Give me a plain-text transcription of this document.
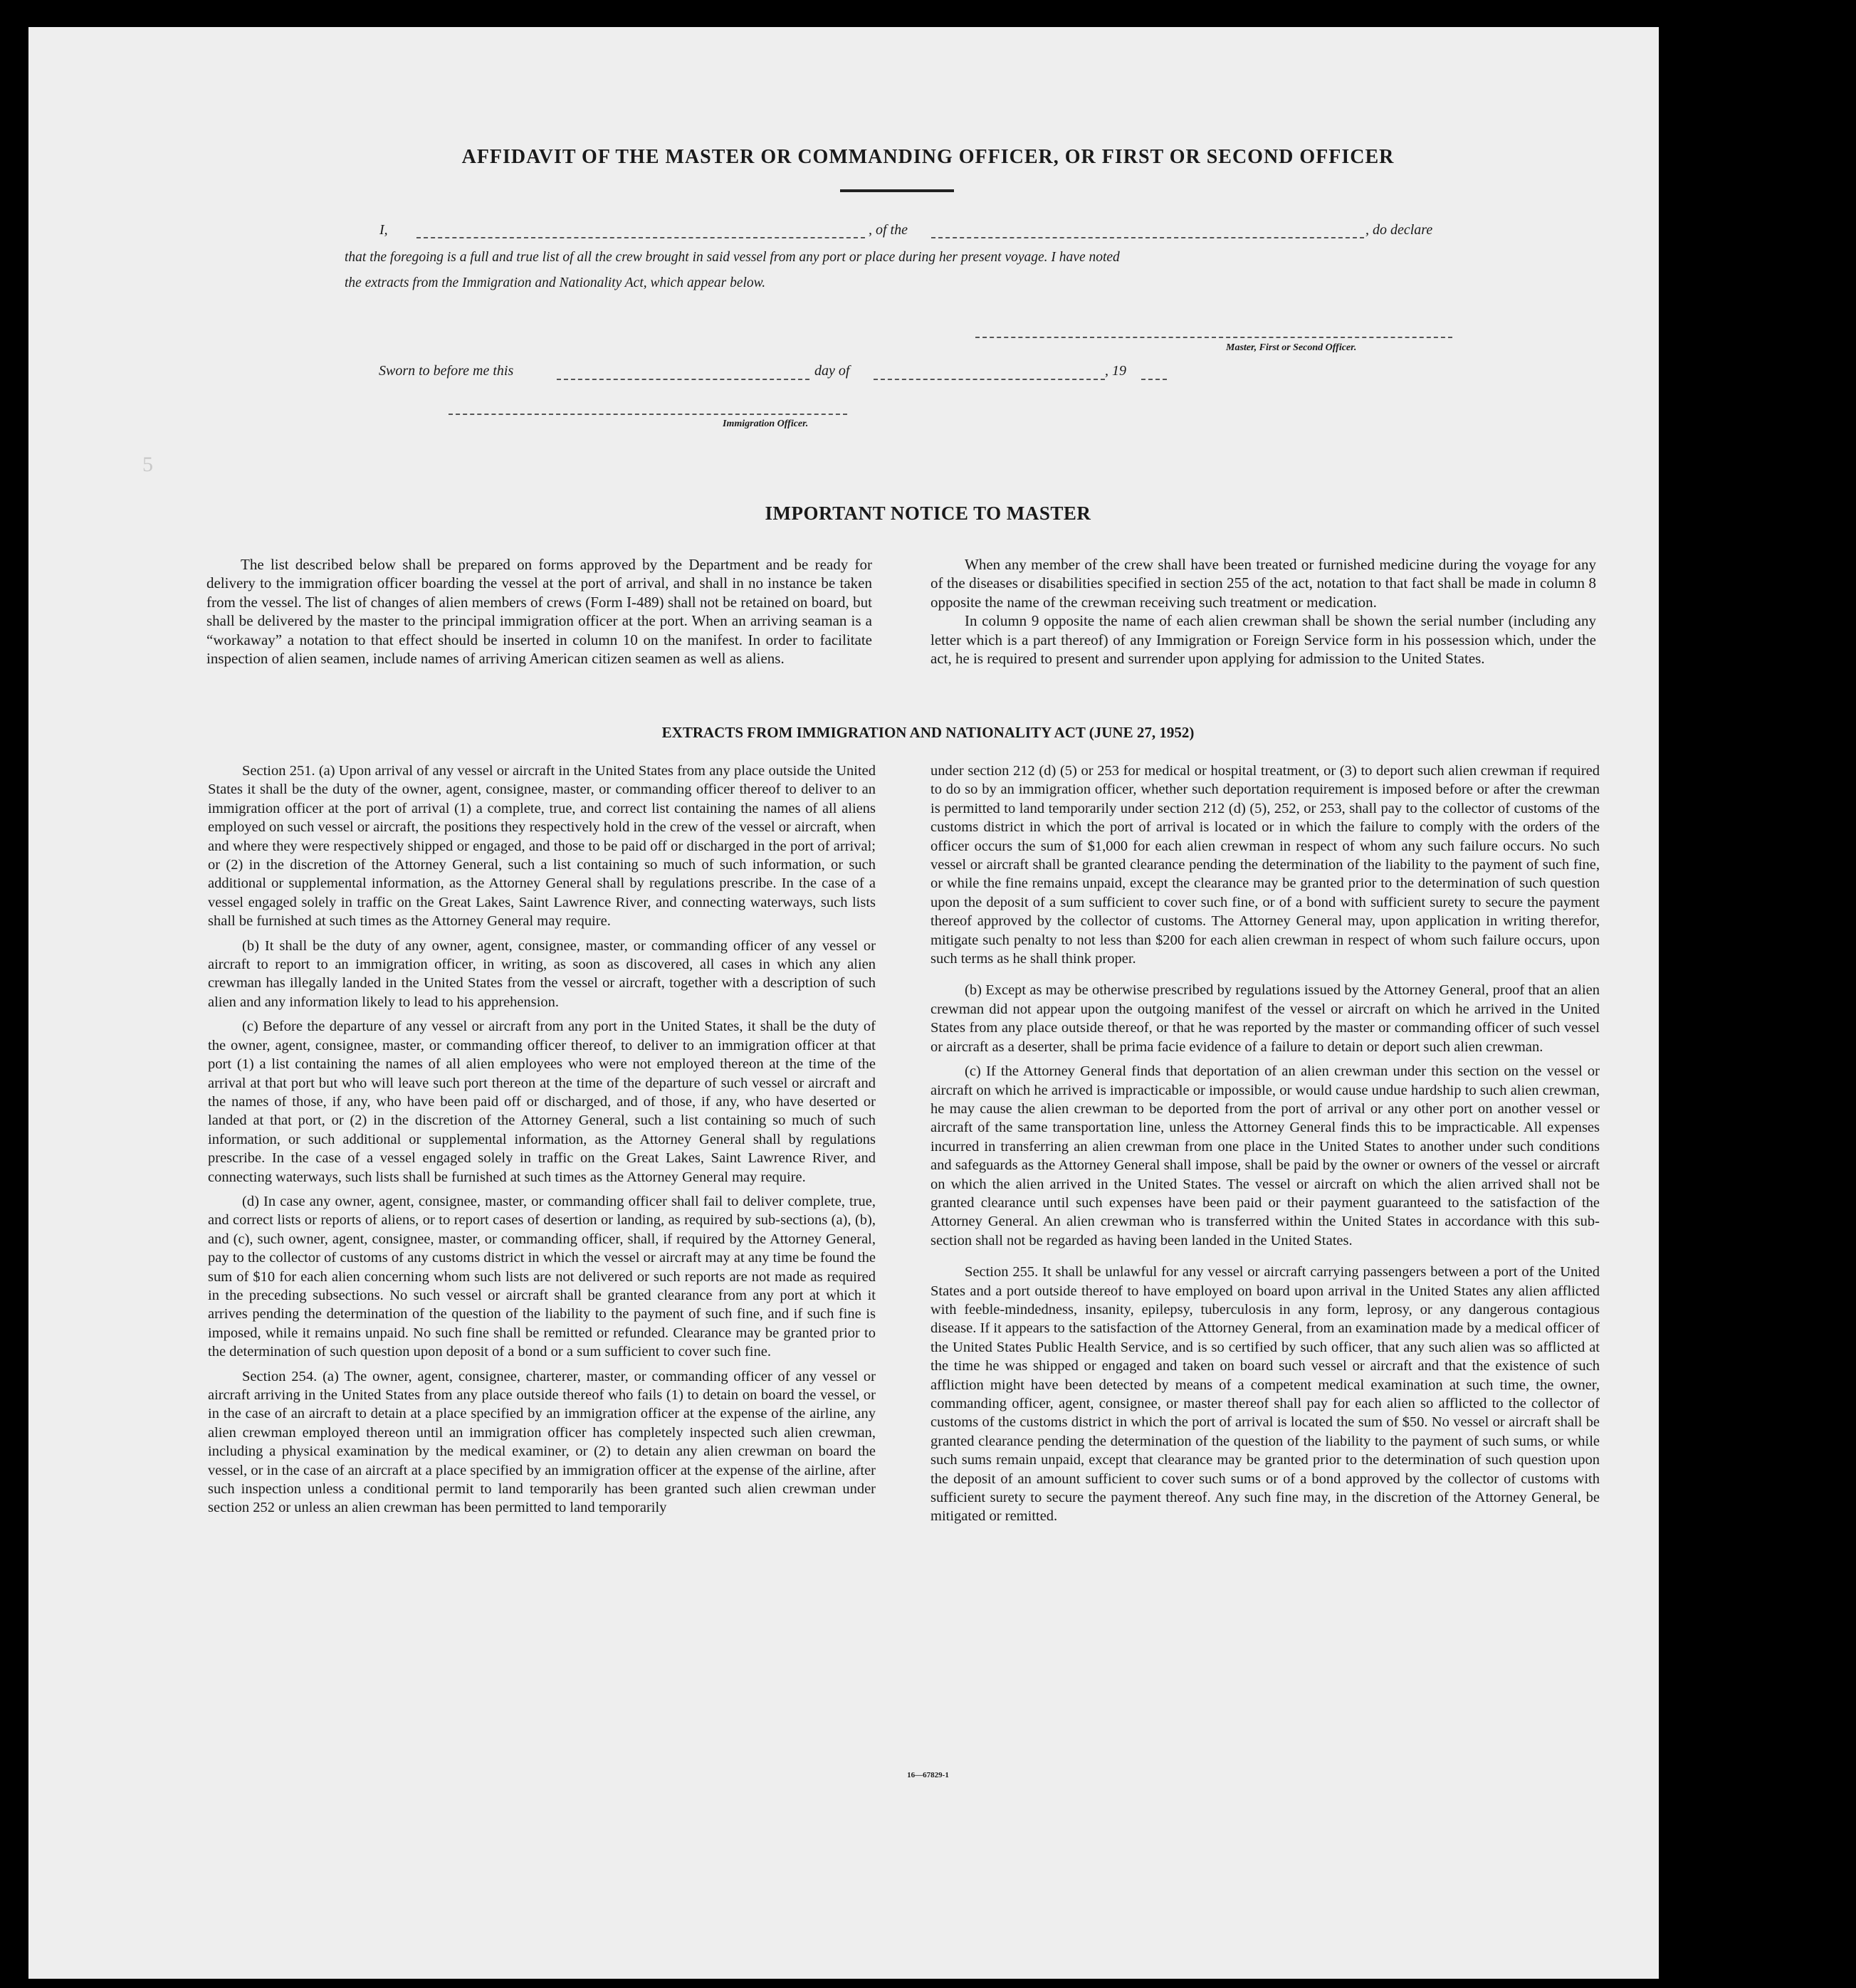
5
AFFIDAVIT OF THE MASTER OR COMMANDING OFFICER, OR FIRST OR SECOND OFFICER
I,	, of the	, do declare
that the foregoing is a full and true list of all the crew brought in said vessel from any port or place during her present voyage. I have noted
the extracts from the Immigration and Nationality Act, which appear below.
Master, First or Second Officer.
Sworn to before me this	day of	, 19
Immigration Officer.
IMPORTANT NOTICE TO MASTER

The list described below shall be prepared on forms approved by the Department and be ready for delivery to the immigration officer boarding the vessel at the port of arrival, and shall in no instance be taken from the vessel. The list of changes of alien members of crews (Form I-489) shall not be retained on board, but shall be delivered by the master to the principal immigration officer at the port. When an arriving seaman is a “workaway” a notation to that effect should be inserted in column 10 on the manifest. In order to facilitate inspection of alien seamen, include names of arriving American citizen seamen as well as aliens.

When any member of the crew shall have been treated or furnished medicine during the voyage for any of the diseases or disabilities specified in section 255 of the act, notation to that fact shall be made in column 8 opposite the name of the crewman receiving such treatment or medication.

In column 9 opposite the name of each alien crewman shall be shown the serial number (including any letter which is a part thereof) of any Immigration or Foreign Service form in his possession which, under the act, he is required to present and surrender upon applying for admission to the United States.

EXTRACTS FROM IMMIGRATION AND NATIONALITY ACT (JUNE 27, 1952)

Section 251. (a) Upon arrival of any vessel or aircraft in the United States from any place outside the United States it shall be the duty of the owner, agent, consignee, master, or commanding officer thereof to deliver to an immigration officer at the port of arrival (1) a complete, true, and correct list containing the names of all aliens employed on such vessel or aircraft, the positions they respectively hold in the crew of the vessel or aircraft, when and where they were respectively shipped or engaged, and those to be paid off or discharged in the port of arrival; or (2) in the discretion of the Attorney General, such a list containing so much of such information, or such additional or supplemental information, as the Attorney General shall by regulations prescribe. In the case of a vessel engaged solely in traffic on the Great Lakes, Saint Lawrence River, and connecting waterways, such lists shall be furnished at such times as the Attorney General may require.

(b) It shall be the duty of any owner, agent, consignee, master, or commanding officer of any vessel or aircraft to report to an immigration officer, in writing, as soon as discovered, all cases in which any alien crewman has illegally landed in the United States from the vessel or aircraft, together with a description of such alien and any information likely to lead to his apprehension.

(c) Before the departure of any vessel or aircraft from any port in the United States, it shall be the duty of the owner, agent, consignee, master, or commanding officer thereof, to deliver to an immigration officer at that port (1) a list containing the names of all alien employees who were not employed thereon at the time of the arrival at that port but who will leave such port thereon at the time of the departure of such vessel or aircraft and the names of those, if any, who have been paid off or discharged, and of those, if any, who have deserted or landed at that port, or (2) in the discretion of the Attorney General, such a list containing so much of such information, or such additional or supplemental information, as the Attorney General shall by regulations prescribe. In the case of a vessel engaged solely in traffic on the Great Lakes, Saint Lawrence River, and connecting waterways, such lists shall be furnished at such times as the Attorney General may require.

(d) In case any owner, agent, consignee, master, or commanding officer shall fail to deliver complete, true, and correct lists or reports of aliens, or to report cases of desertion or landing, as required by sub-sections (a), (b), and (c), such owner, agent, consignee, master, or commanding officer, shall, if required by the Attorney General, pay to the collector of customs of any customs district in which the vessel or aircraft may at any time be found the sum of $10 for each alien concerning whom such lists are not delivered or such reports are not made as required in the preceding subsections. No such vessel or aircraft shall be granted clearance from any port at which it arrives pending the determination of the question of the liability to the payment of such fine, and if such fine is imposed, while it remains unpaid. No such fine shall be remitted or refunded. Clearance may be granted prior to the determination of such question upon deposit of a bond or a sum sufficient to cover such fine.

Section 254. (a) The owner, agent, consignee, charterer, master, or commanding officer of any vessel or aircraft arriving in the United States from any place outside thereof who fails (1) to detain on board the vessel, or in the case of an aircraft to detain at a place specified by an immigration officer at the expense of the airline, any alien crewman employed thereon until an immigration officer has completely inspected such alien crewman, including a physical examination by the medical examiner, or (2) to detain any alien crewman on board the vessel, or in the case of an aircraft at a place specified by an immigration officer at the expense of the airline, after such inspection unless a conditional permit to land temporarily has been granted such alien crewman under section 252 or unless an alien crewman has been permitted to land temporarily

under section 212 (d) (5) or 253 for medical or hospital treatment, or (3) to deport such alien crewman if required to do so by an immigration officer, whether such deportation requirement is imposed before or after the crewman is permitted to land temporarily under section 212 (d) (5), 252, or 253, shall pay to the collector of customs of the customs district in which the port of arrival is located or in which the failure to comply with the orders of the officer occurs the sum of $1,000 for each alien crewman in respect of whom any such failure occurs. No such vessel or aircraft shall be granted clearance pending the determination of the liability to the payment of such fine, or while the fine remains unpaid, except the clearance may be granted prior to the determination of such question upon the deposit of a sum sufficient to cover such fine, or of a bond with sufficient surety to secure the payment thereof approved by the collector of customs. The Attorney General may, upon application in writing therefor, mitigate such penalty to not less than $200 for each alien crewman in respect of whom such failure occurs, upon such terms as he shall think proper.

(b) Except as may be otherwise prescribed by regulations issued by the Attorney General, proof that an alien crewman did not appear upon the outgoing manifest of the vessel or aircraft on which he arrived in the United States from any place outside thereof, or that he was reported by the master or commanding officer of such vessel or aircraft as a deserter, shall be prima facie evidence of a failure to detain or deport such alien crewman.

(c) If the Attorney General finds that deportation of an alien crewman under this section on the vessel or aircraft on which he arrived is impracticable or impossible, or would cause undue hardship to such alien crewman, he may cause the alien crewman to be deported from the port of arrival or any other port on another vessel or aircraft of the same transportation line, unless the Attorney General finds this to be impracticable. All expenses incurred in transferring an alien crewman from one place in the United States to another under such conditions and safeguards as the Attorney General shall impose, shall be paid by the owner or owners of the vessel or aircraft on which the alien arrived in the United States. The vessel or aircraft on which the alien arrived shall not be granted clearance until such expenses have been paid or their payment guaranteed to the satisfaction of the Attorney General. An alien crewman who is transferred within the United States in accordance with this sub-section shall not be regarded as having been landed in the United States.

Section 255. It shall be unlawful for any vessel or aircraft carrying passengers between a port of the United States and a port outside thereof to have employed on board upon arrival in the United States any alien afflicted with feeble-mindedness, insanity, epilepsy, tuberculosis in any form, leprosy, or any dangerous contagious disease. If it appears to the satisfaction of the Attorney General, from an examination made by a medical officer of the United States Public Health Service, and is so certified by such officer, that any such alien was so afflicted at the time he was shipped or engaged and taken on board such vessel or aircraft and that the existence of such affliction might have been detected by means of a competent medical examination at such time, the owner, commanding officer, agent, consignee, or master thereof shall pay for each alien so afflicted to the collector of customs of the customs district in which the port of arrival is located the sum of $50. No vessel or aircraft shall be granted clearance pending the determination of the question of the liability to the payment of such sums, or while such sums remain unpaid, except that clearance may be granted prior to the determination of such question upon the deposit of an amount sufficient to cover such sums or of a bond approved by the collector of customs with sufficient surety to secure the payment thereof. Any such fine may, in the discretion of the Attorney General, be mitigated or remitted.

16—67829-1
